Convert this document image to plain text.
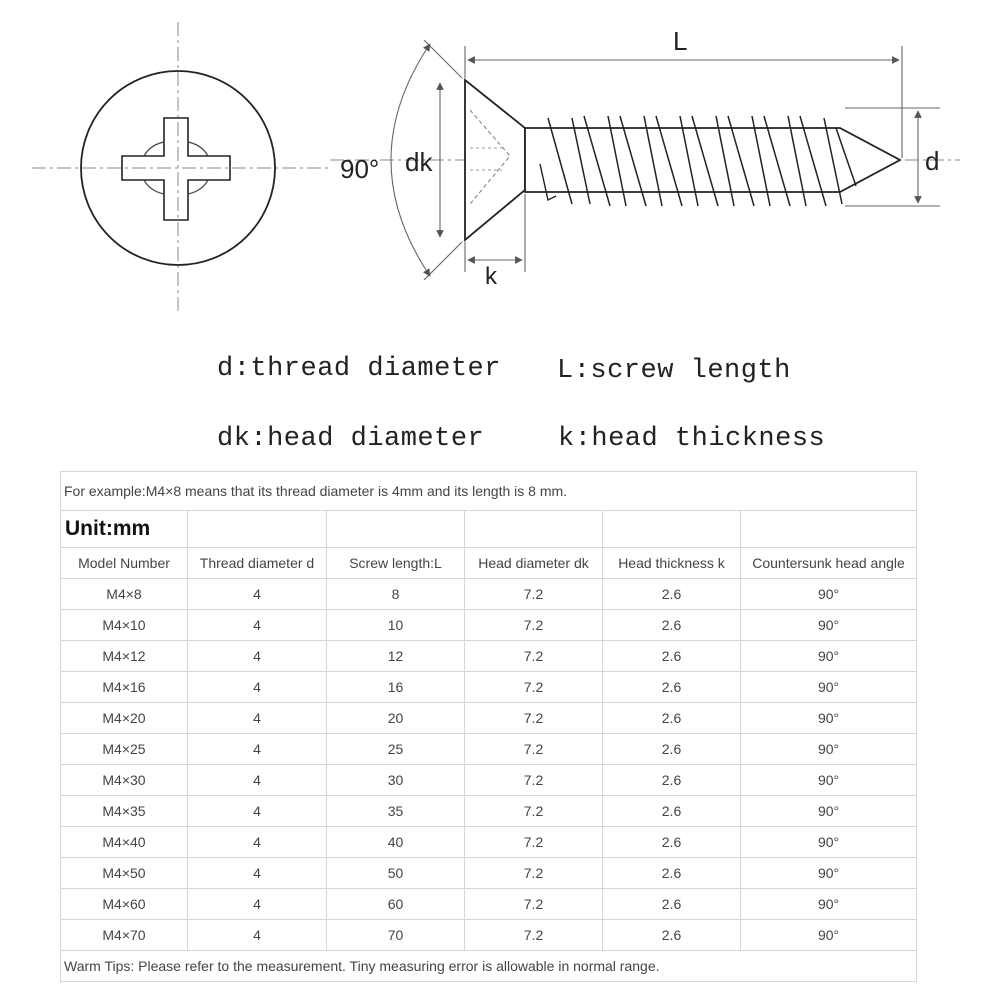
L
90° dk	d
k
d:thread diameter L:screw length
dk:head diameter	k:head thickness
For example:M4×8 means that its thread diameter is 4mm and its length is 8 mm.					
Unit:mm					
Model Number	Thread diameter d	Screw length:L	Head diameter dk	Head thickness k	Countersunk head angle
M4×8	4	8	7.2	2.6	90°
M4×10	4	10	7.2	2.6	90°
M4×12	4	12	7.2	2.6	90°
M4×16	4	16	7.2	2.6	90°
M4×20	4	20	7.2	2.6	90°
M4×25	4	25	7.2	2.6	90°
M4×30	4	30	7.2	2.6	90°
M4×35	4	35	7.2	2.6	90°
M4×40	4	40	7.2	2.6	90°
M4×50	4	50	7.2	2.6	90°
M4×60	4	60	7.2	2.6	90°
M4×70	4	70	7.2	2.6	90°
Warm Tips: Please refer to the measurement. Tiny measuring error is allowable in normal range.					
